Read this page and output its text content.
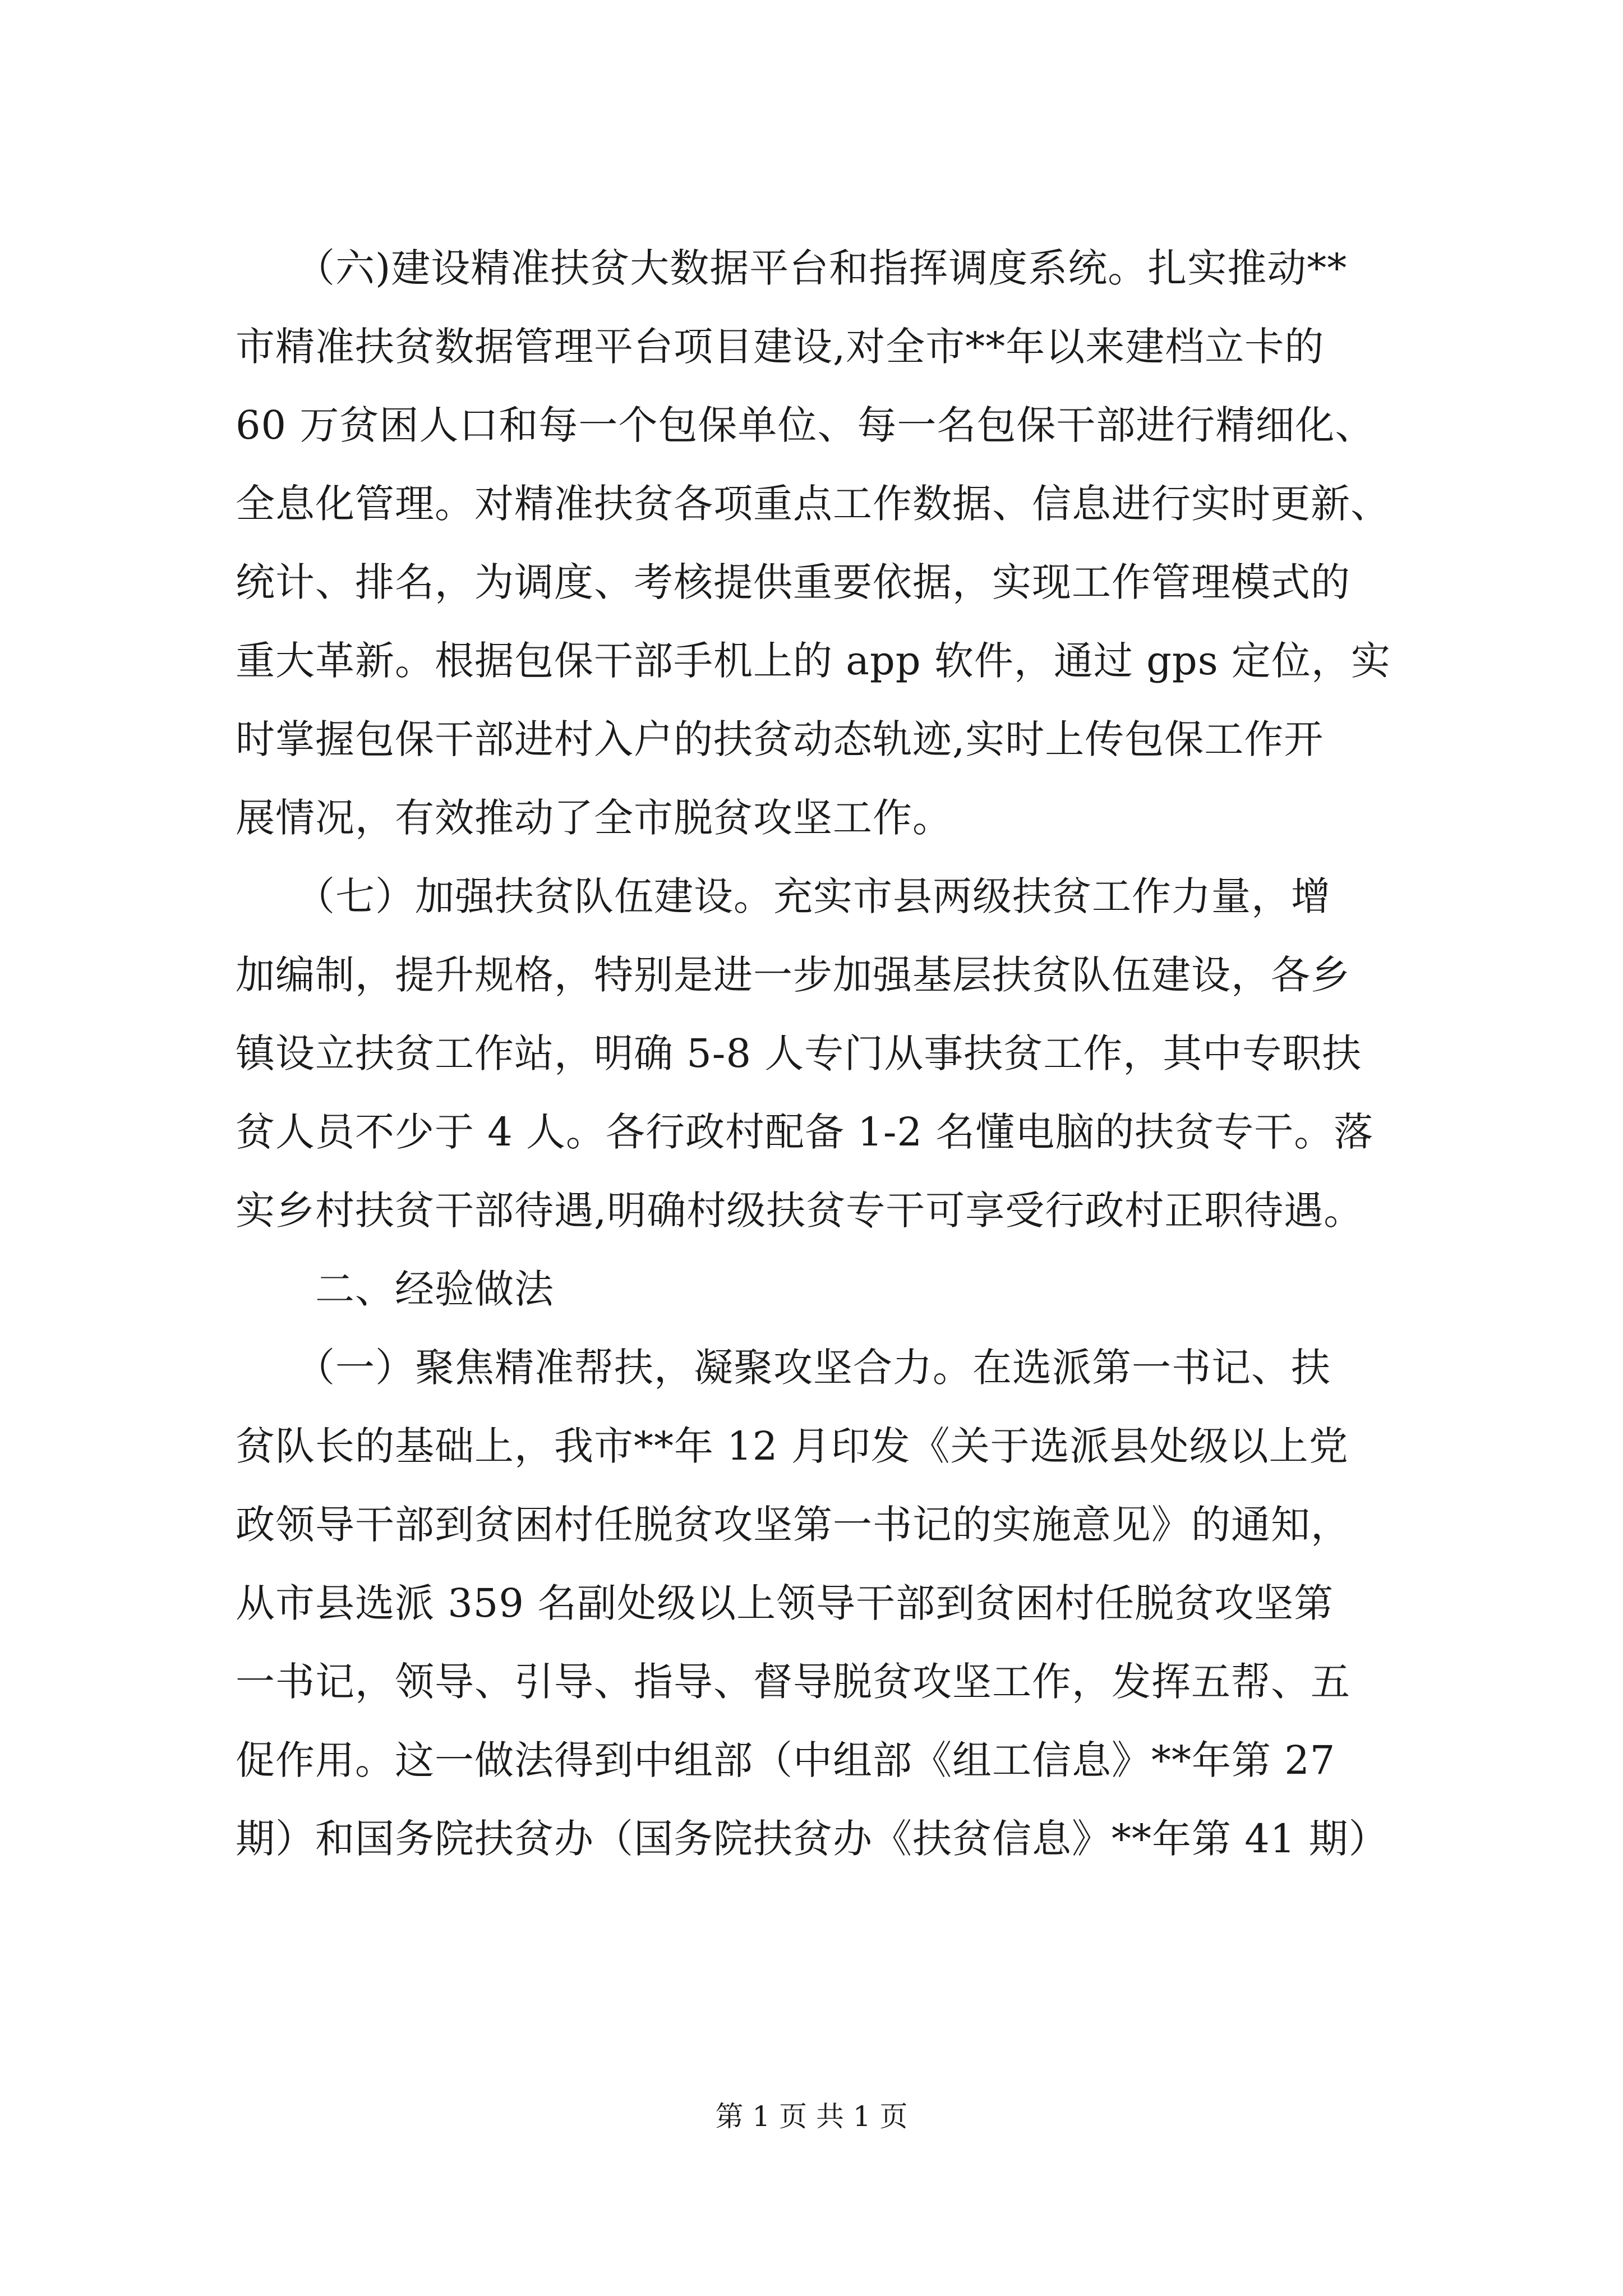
　　（六)建设精准扶贫大数据平台和指挥调度系统。扎实推动**
市精准扶贫数据管理平台项目建设,对全市**年以来建档立卡的
60 万贫困人口和每一个包保单位、每一名包保干部进行精细化、
全息化管理。对精准扶贫各项重点工作数据、信息进行实时更新、
统计、排名，为调度、考核提供重要依据，实现工作管理模式的
重大革新。根据包保干部手机上的 app 软件，通过 gps 定位，实
时掌握包保干部进村入户的扶贫动态轨迹,实时上传包保工作开
展情况，有效推动了全市脱贫攻坚工作。
　　（七）加强扶贫队伍建设。充实市县两级扶贫工作力量，增
加编制，提升规格，特别是进一步加强基层扶贫队伍建设，各乡
镇设立扶贫工作站，明确 5-8 人专门从事扶贫工作，其中专职扶
贫人员不少于 4 人。各行政村配备 1-2 名懂电脑的扶贫专干。落
实乡村扶贫干部待遇,明确村级扶贫专干可享受行政村正职待遇。
　　二、经验做法
　　（一）聚焦精准帮扶，凝聚攻坚合力。在选派第一书记、扶
贫队长的基础上，我市**年 12 月印发《关于选派县处级以上党
政领导干部到贫困村任脱贫攻坚第一书记的实施意见》的通知，
从市县选派 359 名副处级以上领导干部到贫困村任脱贫攻坚第
一书记，领导、引导、指导、督导脱贫攻坚工作，发挥五帮、五
促作用。这一做法得到中组部（中组部《组工信息》**年第 27
期）和国务院扶贫办（国务院扶贫办《扶贫信息》**年第 41 期）
第 1 页 共 1 页
